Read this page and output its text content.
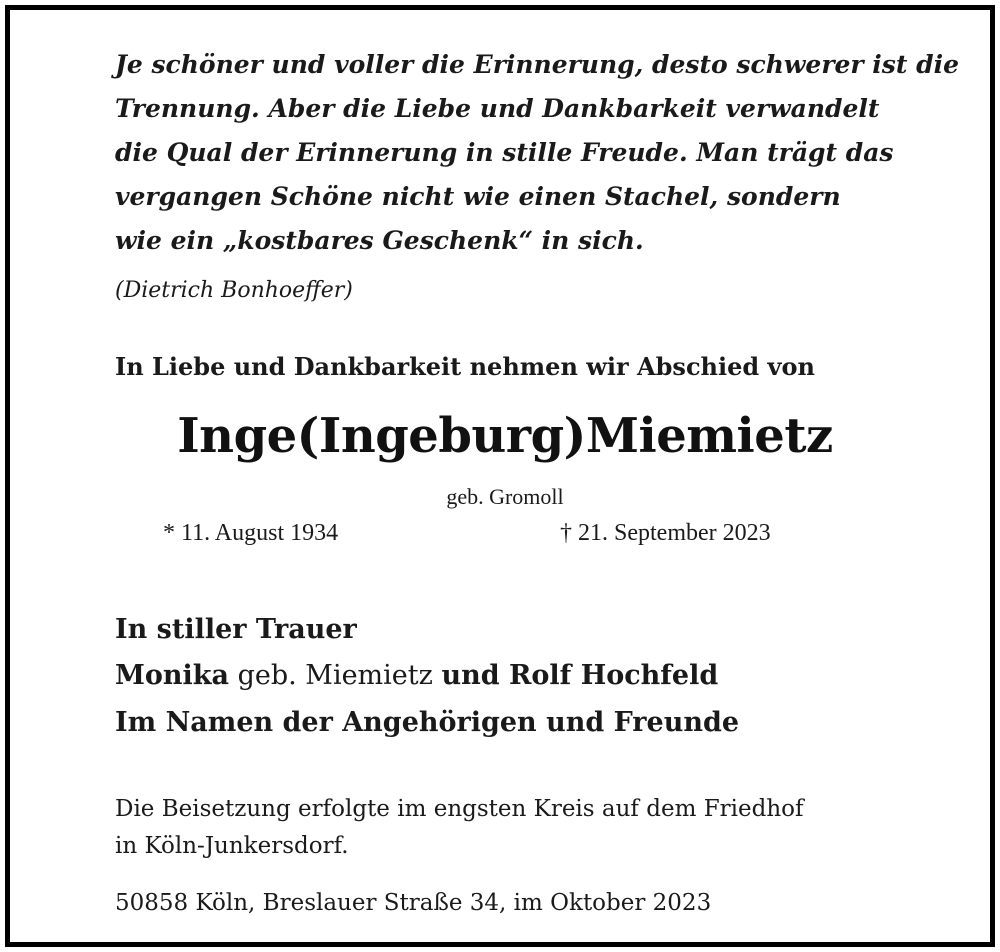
Je schöner und voller die Erinnerung, desto schwerer ist die
Trennung. Aber die Liebe und Dankbarkeit verwandelt
die Qual der Erinnerung in stille Freude. Man trägt das
vergangen Schöne nicht wie einen Stachel, sondern
wie ein „kostbares Geschenk“ in sich.
(Dietrich Bonhoeffer)
In Liebe und Dankbarkeit nehmen wir Abschied von
Inge(Ingeburg)Miemietz
geb. Gromoll
* 11. August 1934	† 21. September 2023
In stiller Trauer
Monika geb. Miemietz und Rolf Hochfeld
Im Namen der Angehörigen und Freunde
Die Beisetzung erfolgte im engsten Kreis auf dem Friedhof
in Köln-Junkersdorf.
50858 Köln, Breslauer Straße 34, im Oktober 2023
